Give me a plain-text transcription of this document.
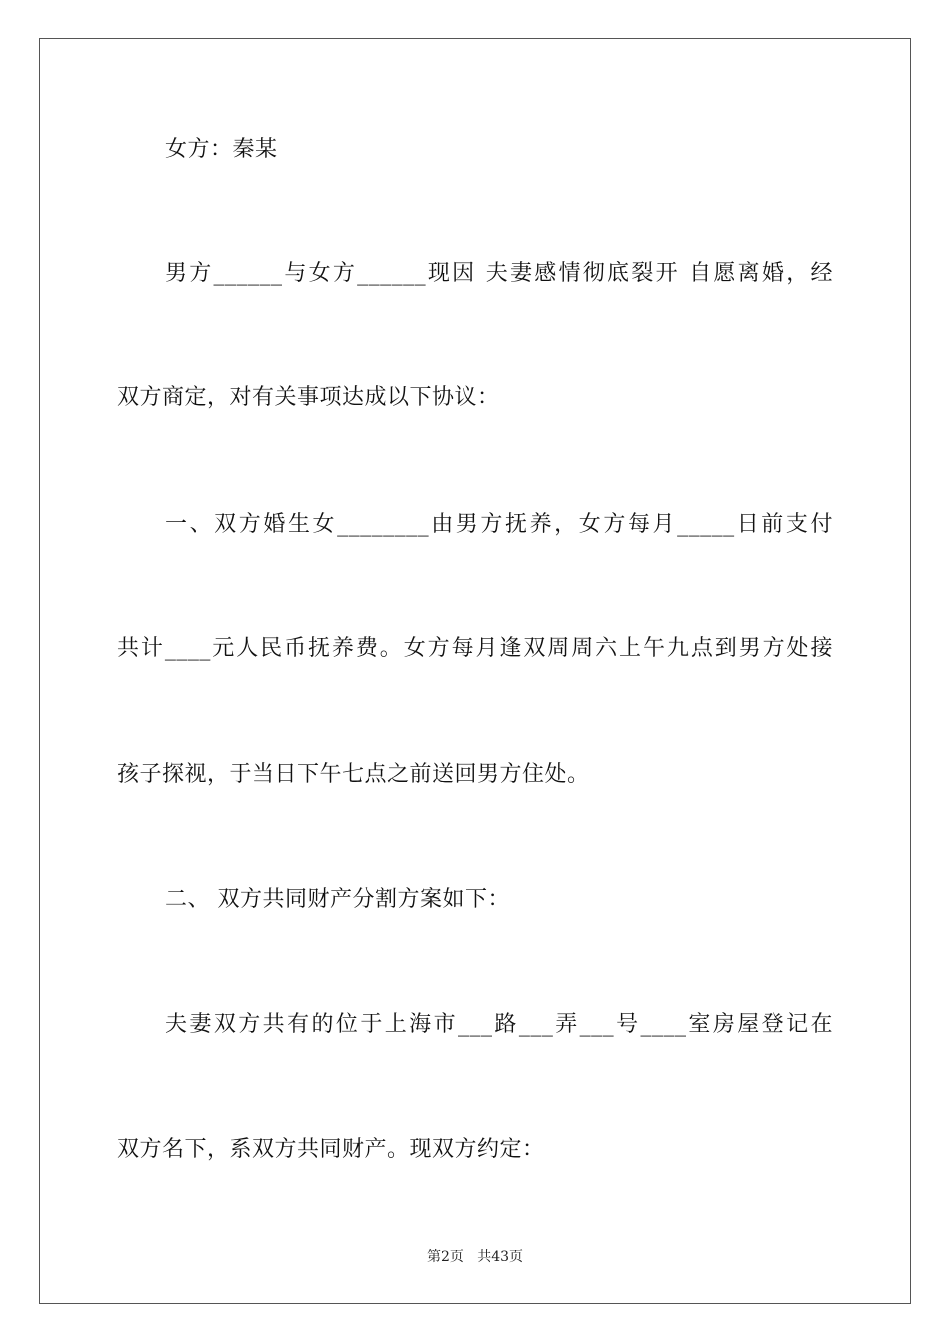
女方：秦某
男方______与女方______现因 夫妻感情彻底裂开 自愿离婚，经
双方商定，对有关事项达成以下协议：
一、双方婚生女________由男方抚养，女方每月_____日前支付
共计____元人民币抚养费。女方每月逢双周周六上午九点到男方处接
孩子探视，于当日下午七点之前送回男方住处。
二、 双方共同财产分割方案如下：
夫妻双方共有的位于上海市___路___弄___号____室房屋登记在
双方名下，系双方共同财产。现双方约定：
第2页   共43页
